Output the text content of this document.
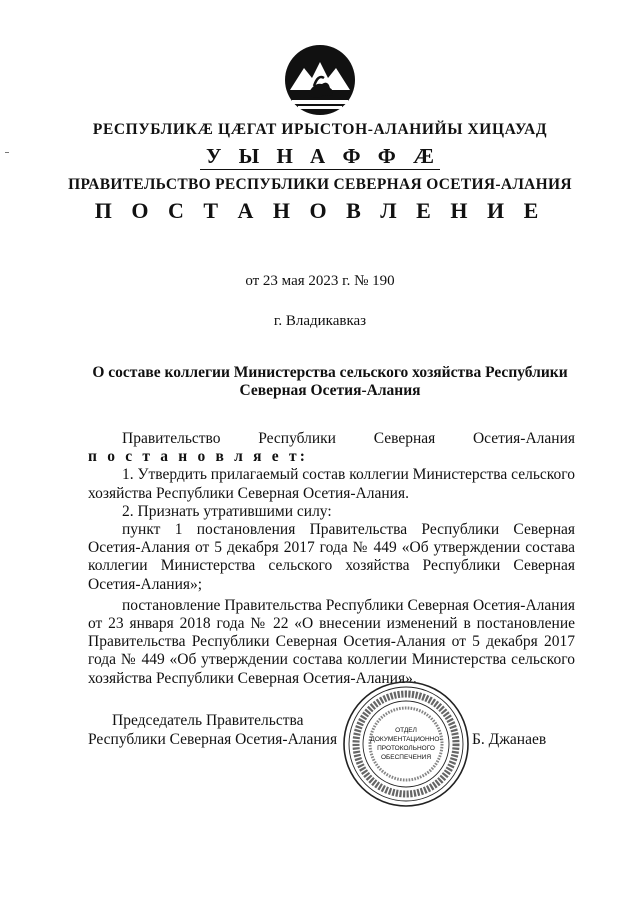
РЕСПУБЛИКӔ ЦӔГАТ ИРЫСТОН-АЛАНИЙЫ ХИЦАУАД
У Ы Н А Ф Ф Ӕ
ПРАВИТЕЛЬСТВО РЕСПУБЛИКИ СЕВЕРНАЯ ОСЕТИЯ-АЛАНИЯ
П О С Т А Н О В Л Е Н И Е
от 23 мая 2023 г. № 190
г. Владикавказ
О составе коллегии Министерства сельского хозяйства Республики
Северная Осетия-Алания
Правительство Республики Северная Осетия-Алания

п о с т а н о в л я е т:

1. Утвердить прилагаемый состав коллегии Министерства сельского хозяйства Республики Северная Осетия-Алания.

2. Признать утратившими силу:

пункт 1 постановления Правительства Республики Северная Осетия-Алания от 5 декабря 2017 года № 449 «Об утверждении состава коллегии Министерства сельского хозяйства Республики Северная Осетия-Алания»;

постановление Правительства Республики Северная Осетия-Алания от 23 января 2018 года № 22 «О внесении изменений в постановление Правительства Республики Северная Осетия-Алания от 5 декабря 2017 года № 449 «Об утверждении состава коллегии Министерства сельского хозяйства Республики Северная Осетия-Алания».

Председатель Правительства
Республики Северная Осетия-Алания	Б. Джанаев
ОТДЕЛ
ДОКУМЕНТАЦИОННО-
ПРОТОКОЛЬНОГО
ОБЕСПЕЧЕНИЯ
